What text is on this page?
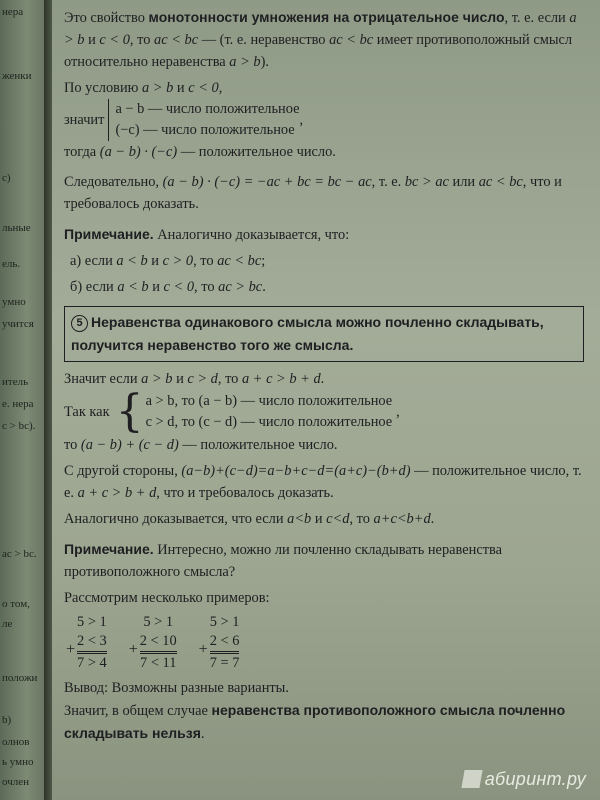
нера
женки
c)
льные
ель.
умно
учится
итель
е. нера
c > bc).
ac > bc.
о том,
лe
положи
b)
олнов
ь умно
очлен

Это свойство монотонности умножения на отрицательное число, т. е. если a > b и c < 0, то ac < bc — (т. е. неравенство ac < bc имеет противоположный смысл относительно неравенства a > b).

По условию a > b и c < 0,

значит
a − b — число положительное
(−c) — число положительное
,

тогда (a − b) · (−c) — положительное число.

Следовательно, (a − b) · (−c) = −ac + bc = bc − ac, т. е. bc > ac или ac < bc, что и требовалось доказать.

Примечание. Аналогично доказывается, что:

а) если a < b и c > 0, то ac < bc;

б) если a < b и c < 0, то ac > bc.

5 Неравенства одинакового смысла можно почленно складывать, получится неравенство того же смысла.

Значит если a > b и c > d, то a + c > b + d.

Так как { a > b, то (a − b) — число положительное
c > d, то (c − d) — число положительное
,

то (a − b) + (c − d) — положительное число.

С другой стороны, (a−b)+(c−d)=a−b+c−d=(a+c)−(b+d) — положительное число, т. е. a + c > b + d, что и требовалось доказать.

Аналогично доказывается, что если a<b и c<d, то a+c<b+d.

Примечание. Интересно, можно ли почленно складывать неравенства противоположного смысла?

Рассмотрим несколько примеров:

+
5 > 1
2 < 3
7 > 4
+
5 > 1
2 < 10
7 < 11
+
5 > 1
2 < 6
7 = 7

Вывод: Возможны разные варианты.

Значит, в общем случае неравенства противоположного смысла почленно складывать нельзя.

абиринт.ру
